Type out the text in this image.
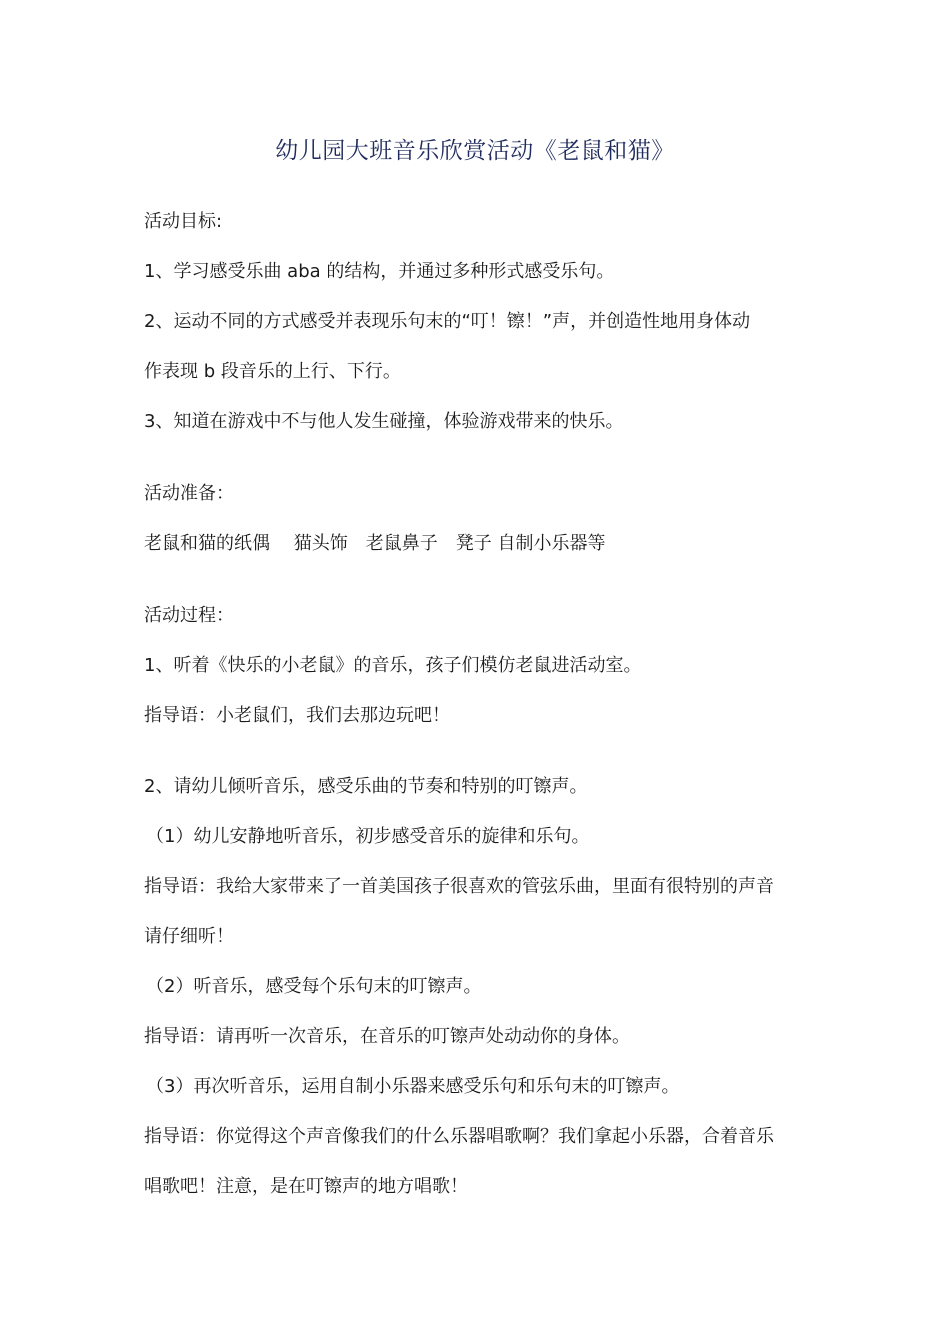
幼儿园大班音乐欣赏活动《老鼠和猫》
活动目标:
1、学习感受乐曲 aba 的结构，并通过多种形式感受乐句。
2、运动不同的方式感受并表现乐句末的“叮！镲！”声，并创造性地用身体动
作表现 b 段音乐的上行、下行。
3、知道在游戏中不与他人发生碰撞，体验游戏带来的快乐。
活动准备：
老鼠和猫的纸偶　 猫头饰　老鼠鼻子　凳子 自制小乐器等
活动过程：
1、听着《快乐的小老鼠》的音乐，孩子们模仿老鼠进活动室。
指导语：小老鼠们，我们去那边玩吧！
2、请幼儿倾听音乐，感受乐曲的节奏和特别的叮镲声。
（1）幼儿安静地听音乐，初步感受音乐的旋律和乐句。
指导语：我给大家带来了一首美国孩子很喜欢的管弦乐曲，里面有很特别的声音
请仔细听！
（2）听音乐，感受每个乐句末的叮镲声。
指导语：请再听一次音乐，在音乐的叮镲声处动动你的身体。
（3）再次听音乐，运用自制小乐器来感受乐句和乐句末的叮镲声。
指导语：你觉得这个声音像我们的什么乐器唱歌啊？我们拿起小乐器，合着音乐
唱歌吧！注意，是在叮镲声的地方唱歌！
